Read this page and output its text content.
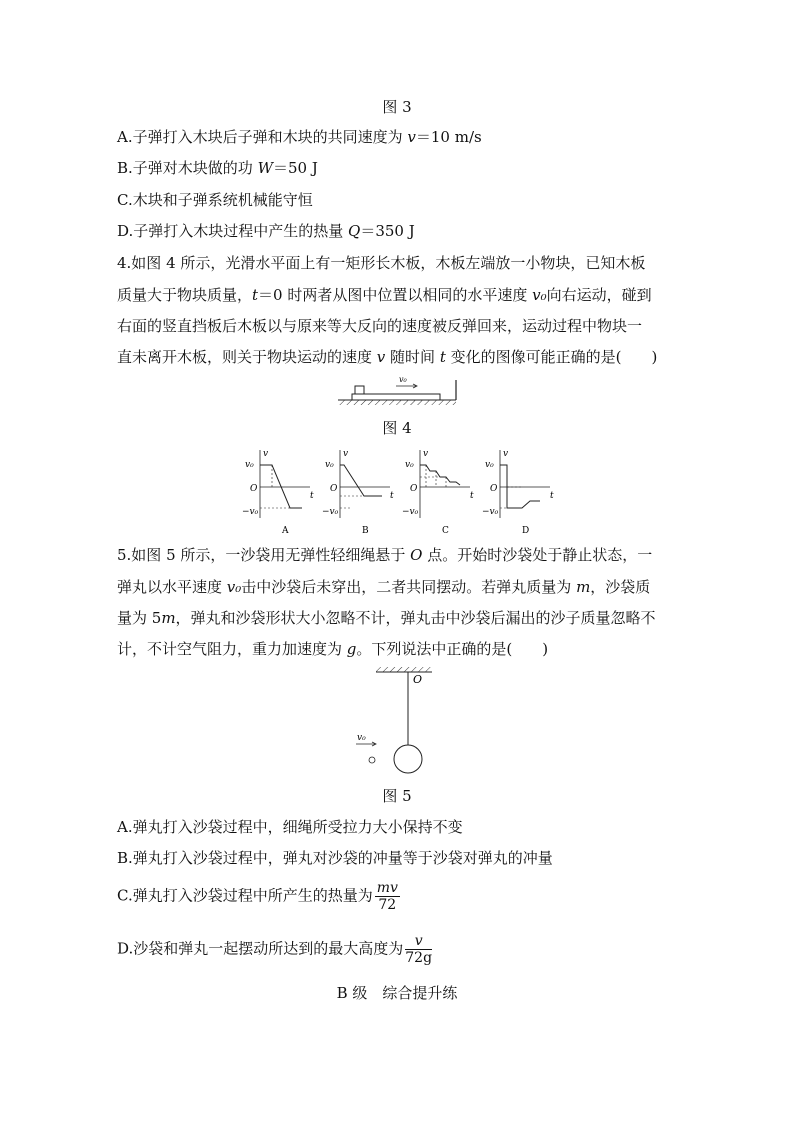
图 3
A.子弹打入木块后子弹和木块的共同速度为 v＝10 m/s
B.子弹对木块做的功 W＝50 J
C.木块和子弹系统机械能守恒
D.子弹打入木块过程中产生的热量 Q＝350 J
4.如图 4 所示，光滑水平面上有一矩形长木板，木板左端放一小物块，已知木板
质量大于物块质量，t＝0 时两者从图中位置以相同的水平速度 v₀向右运动，碰到
右面的竖直挡板后木板以与原来等大反向的速度被反弹回来，运动过程中物块一
直未离开木板，则关于物块运动的速度 v 随时间 t 变化的图像可能正确的是(　　)
v₀
图 4
v
t
O
v₀
−v₀
A
v
t
O
v₀
−v₀
B
v
t
O
v₀
−v₀
C
v
t
O
v₀
−v₀
D
5.如图 5 所示，一沙袋用无弹性轻细绳悬于 O 点。开始时沙袋处于静止状态，一
弹丸以水平速度 v₀击中沙袋后未穿出，二者共同摆动。若弹丸质量为 m，沙袋质
量为 5m，弹丸和沙袋形状大小忽略不计，弹丸击中沙袋后漏出的沙子质量忽略不
计，不计空气阻力，重力加速度为 g。下列说法中正确的是(　　)
O
v₀
图 5
A.弹丸打入沙袋过程中，细绳所受拉力大小保持不变
B.弹丸打入沙袋过程中，弹丸对沙袋的冲量等于沙袋对弹丸的冲量
C.弹丸打入沙袋过程中所产生的热量为 $\frac{mv}{72}$
D.沙袋和弹丸一起摆动所达到的最大高度为 $\frac{v}{72g}$
B 级　综合提升练
